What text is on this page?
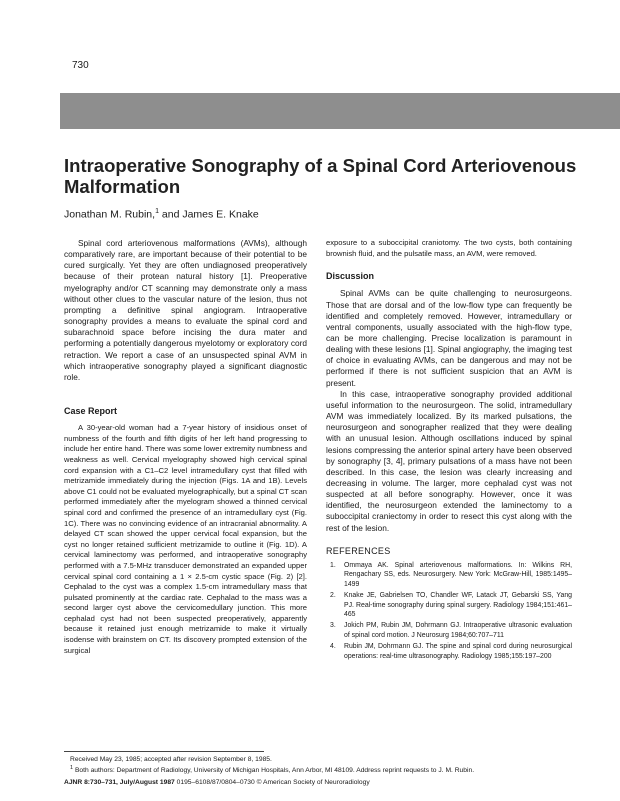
730
Intraoperative Sonography of a Spinal Cord Arteriovenous Malformation
Jonathan M. Rubin,$^1$ and James E. Knake

Spinal cord arteriovenous malformations (AVMs), although comparatively rare, are important because of their potential to be cured surgically. Yet they are often undiagnosed preoperatively because of their protean natural history [1]. Preoperative myelography and/or CT scanning may demonstrate only a mass without other clues to the vascular nature of the lesion, thus not prompting a definitive spinal angiogram. Intraoperative sonography provides a means to evaluate the spinal cord and subarachnoid space before incising the dura mater and performing a potentially dangerous myelotomy or exploratory cord retraction. We report a case of an unsuspected spinal AVM in which intraoperative sonography played a significant diagnostic role.

Case Report

A 30-year-old woman had a 7-year history of insidious onset of numbness of the fourth and fifth digits of her left hand progressing to include her entire hand. There was some lower extremity numbness and weakness as well. Cervical myelography showed high cervical spinal cord expansion with a C1–C2 level intramedullary cyst that filled with metrizamide immediately during the injection (Figs. 1A and 1B). Levels above C1 could not be evaluated myelographically, but a spinal CT scan performed immediately after the myelogram showed a thinned cervical spinal cord and confirmed the presence of an intramedullary cyst (Fig. 1C). There was no convincing evidence of an intracranial abnormality. A delayed CT scan showed the upper cervical focal expansion, but the cyst no longer retained sufficient metrizamide to outline it (Fig. 1D). A cervical laminectomy was performed, and intraoperative sonography performed with a 7.5-MHz transducer demonstrated an expanded upper cervical spinal cord containing a 1 × 2.5-cm cystic space (Fig. 2) [2]. Cephalad to the cyst was a complex 1.5-cm intramedullary mass that pulsated prominently at the cardiac rate. Cephalad to the mass was a second larger cyst above the cervicomedullary junction. This more cephalad cyst had not been suspected preoperatively, apparently because it retained just enough metrizamide to make it virtually isodense with brainstem on CT. Its discovery prompted extension of the surgical

exposure to a suboccipital craniotomy. The two cysts, both containing brownish fluid, and the pulsatile mass, an AVM, were removed.

Discussion

Spinal AVMs can be quite challenging to neurosurgeons. Those that are dorsal and of the low-flow type can frequently be identified and completely removed. However, intramedullary or ventral components, usually associated with the high-flow type, can be more challenging. Precise localization is paramount in dealing with these lesions [1]. Spinal angiography, the imaging test of choice in evaluating AVMs, can be dangerous and may not be performed if there is not sufficient suspicion that an AVM is present.

In this case, intraoperative sonography provided additional useful information to the neurosurgeon. The solid, intramedullary AVM was immediately localized. By its marked pulsations, the neurosurgeon and sonographer realized that they were dealing with an unusual lesion. Although oscillations induced by spinal lesions compressing the anterior spinal artery have been observed by sonography [3, 4], primary pulsations of a mass have not been described. In this case, the lesion was clearly increasing and decreasing in volume. The larger, more cephalad cyst was not suspected at all before sonography. However, once it was identified, the neurosurgeon extended the laminectomy to a suboccipital craniectomy in order to resect this cyst along with the rest of the lesion.

REFERENCES
1.	Ommaya AK. Spinal arteriovenous malformations. In: Wilkins RH, Rengachary SS, eds. Neurosurgery. New York: McGraw-Hill, 1985:1495–1499
2.	Knake JE, Gabrielsen TO, Chandler WF, Latack JT, Gebarski SS, Yang PJ. Real-time sonography during spinal surgery. Radiology 1984;151:461–465
3.	Jokich PM, Rubin JM, Dohrmann GJ. Intraoperative ultrasonic evaluation of spinal cord motion. J Neurosurg 1984;60:707–711
4.	Rubin JM, Dohrmann GJ. The spine and spinal cord during neurosurgical operations: real-time ultrasonography. Radiology 1985;155:197–200
Received May 23, 1985; accepted after revision September 8, 1985.
$^1$ Both authors: Department of Radiology, University of Michigan Hospitals, Ann Arbor, MI 48109. Address reprint requests to J. M. Rubin.
AJNR 8:730–731, July/August 1987 0195–6108/87/0804–0730 © American Society of Neuroradiology
